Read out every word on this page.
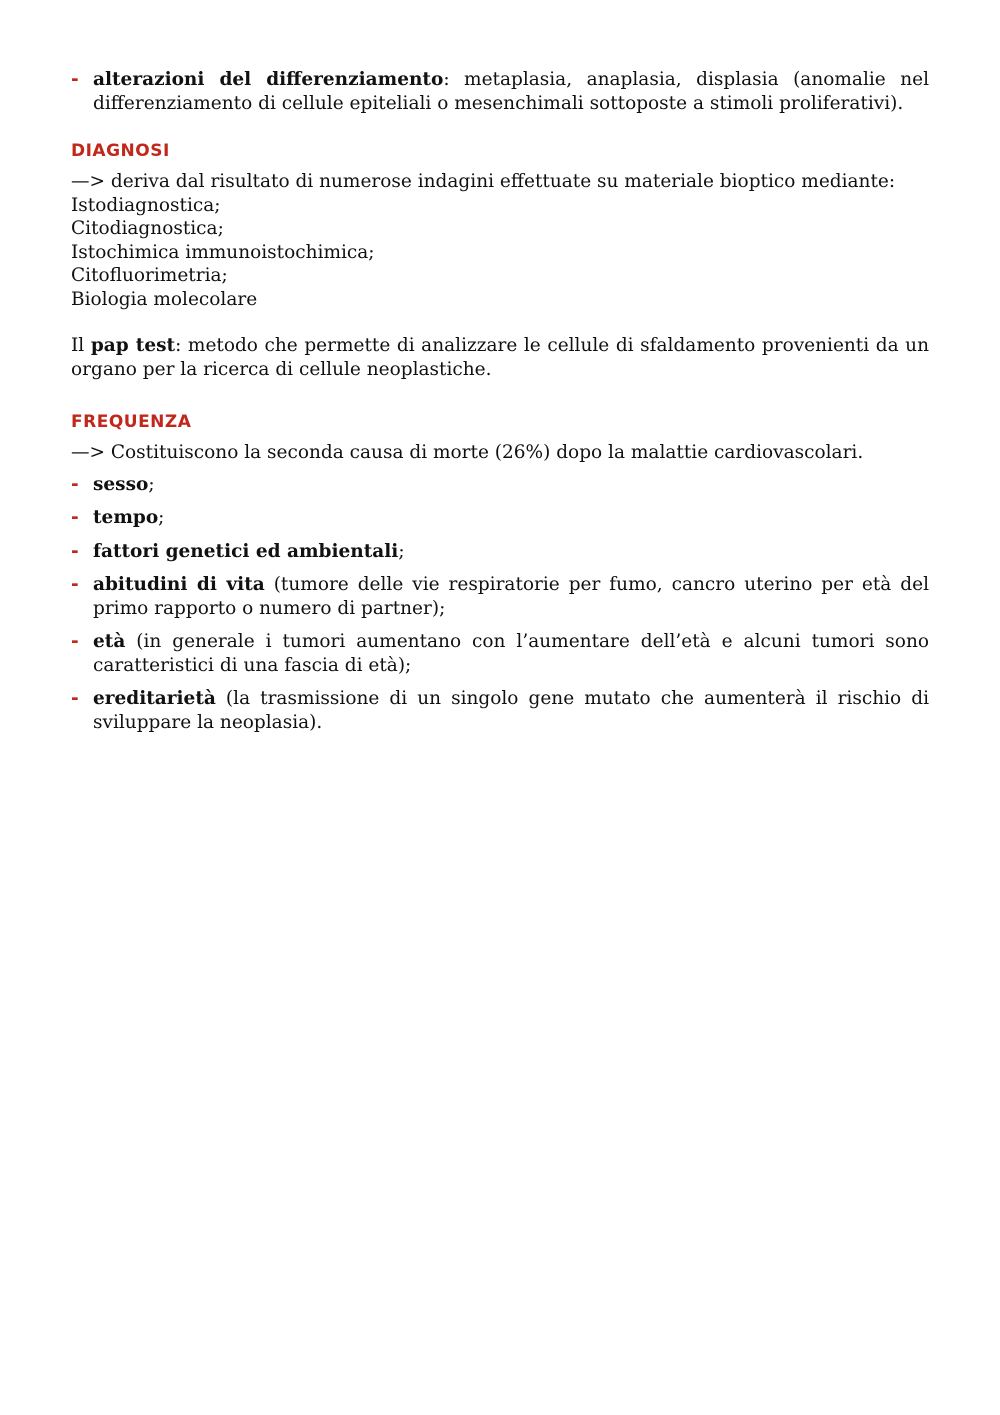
- alterazioni del differenziamento: metaplasia, anaplasia, displasia (anomalie nel differenziamento di cellule epiteliali o mesenchimali sottoposte a stimoli proliferativi).
DIAGNOSI

—> deriva dal risultato di numerose indagini effettuate su materiale bioptico mediante:

Istodiagnostica;

Citodiagnostica;

Istochimica immunoistochimica;

Citofluorimetria;

Biologia molecolare

Il pap test: metodo che permette di analizzare le cellule di sfaldamento provenienti da un organo per la ricerca di cellule neoplastiche.

FREQUENZA

—> Costituiscono la seconda causa di morte (26%) dopo la malattie cardiovascolari.

- sesso;
- tempo;
- fattori genetici ed ambientali;
- abitudini di vita (tumore delle vie respiratorie per fumo, cancro uterino per età del primo rapporto o numero di partner);
- età (in generale i tumori aumentano con l’aumentare dell’età e alcuni tumori sono caratteristici di una fascia di età);
- ereditarietà (la trasmissione di un singolo gene mutato che aumenterà il rischio di sviluppare la neoplasia).
